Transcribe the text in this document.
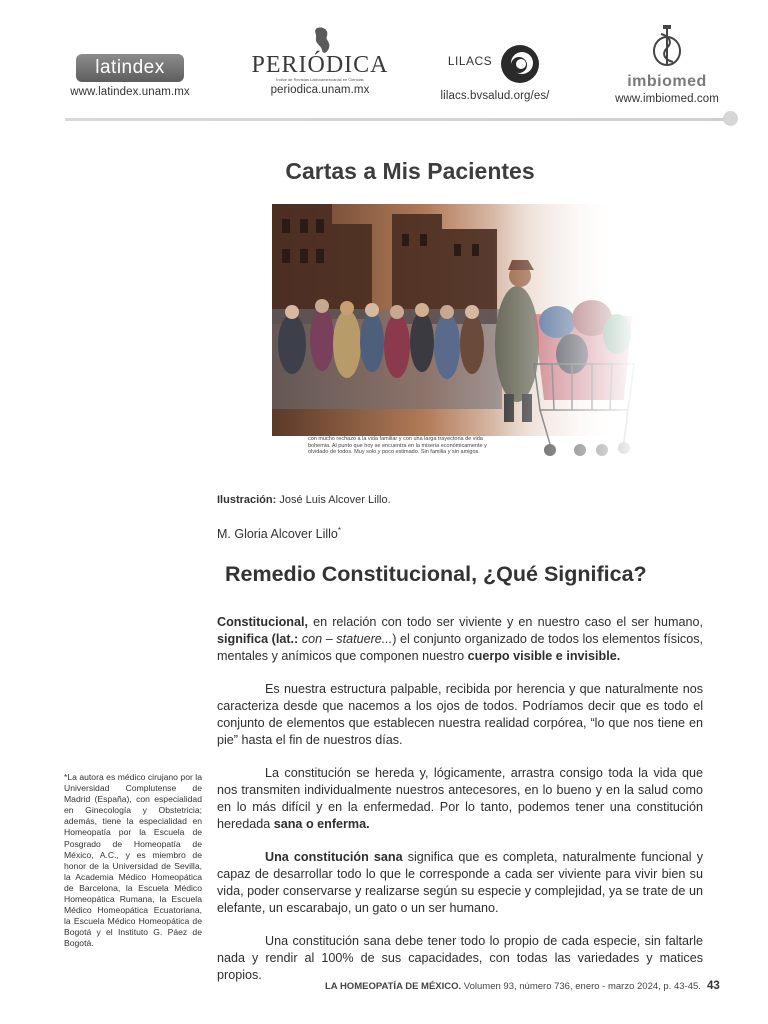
latindex
www.latindex.unam.mx
PERIÓDICA
Índice de Revistas Latinoamericanas en Ciencias
periodica.unam.mx
LILACS
lilacs.bvsalud.org/es/
imbiomed
www.imbiomed.com
Cartas a Mis Pacientes
con mucho rechazo a la vida familiar y con una larga trayectoria de vida bohemia. Al punto que hoy se encuentra en la miseria económicamente y olvidado de todos. Muy solo y poco estimado. Sin familia y sin amigos.
Ilustración: José Luis Alcover Lillo.
M. Gloria Alcover Lillo*
Remedio Constitucional, ¿Qué Significa?

Constitucional, en relación con todo ser viviente y en nuestro caso el ser humano, significa (lat.: con – statuere...) el conjunto organizado de todos los elementos físicos, mentales y anímicos que componen nuestro cuerpo visible e invisible.

Es nuestra estructura palpable, recibida por herencia y que naturalmente nos caracteriza desde que nacemos a los ojos de todos. Podríamos decir que es todo el conjunto de elementos que establecen nuestra realidad corpórea, “lo que nos tiene en pie” hasta el fin de nuestros días.

La constitución se hereda y, lógicamente, arrastra consigo toda la vida que nos transmiten individualmente nuestros antecesores, en lo bueno y en la salud como en lo más difícil y en la enfermedad. Por lo tanto, podemos tener una constitución heredada sana o enferma.

Una constitución sana significa que es completa, naturalmente funcional y capaz de desarrollar todo lo que le corresponde a cada ser viviente para vivir bien su vida, poder conservarse y realizarse según su especie y complejidad, ya se trate de un elefante, un escarabajo, un gato o un ser humano.

Una constitución sana debe tener todo lo propio de cada especie, sin faltarle nada y rendir al 100% de sus capacidades, con todas las variedades y matices propios.

*La autora es médico cirujano por la Universidad Complutense de Madrid (España), con especialidad en Ginecología y Obstetricia; además, tiene la especialidad en Homeopatía por la Escuela de Posgrado de Homeopatía de México, A.C., y es miembro de honor de la Universidad de Sevilla, la Academia Médico Homeopática de Barcelona, la Escuela Médico Homeopática Rumana, la Escuela Médico Homeopática Ecuatoriana, la Escuela Médico Homeopática de Bogotá y el Instituto G. Páez de Bogotá.
LA HOMEOPATÍA DE MÉXICO. Volumen 93, número 736, enero - marzo 2024, p. 43-45. 43
